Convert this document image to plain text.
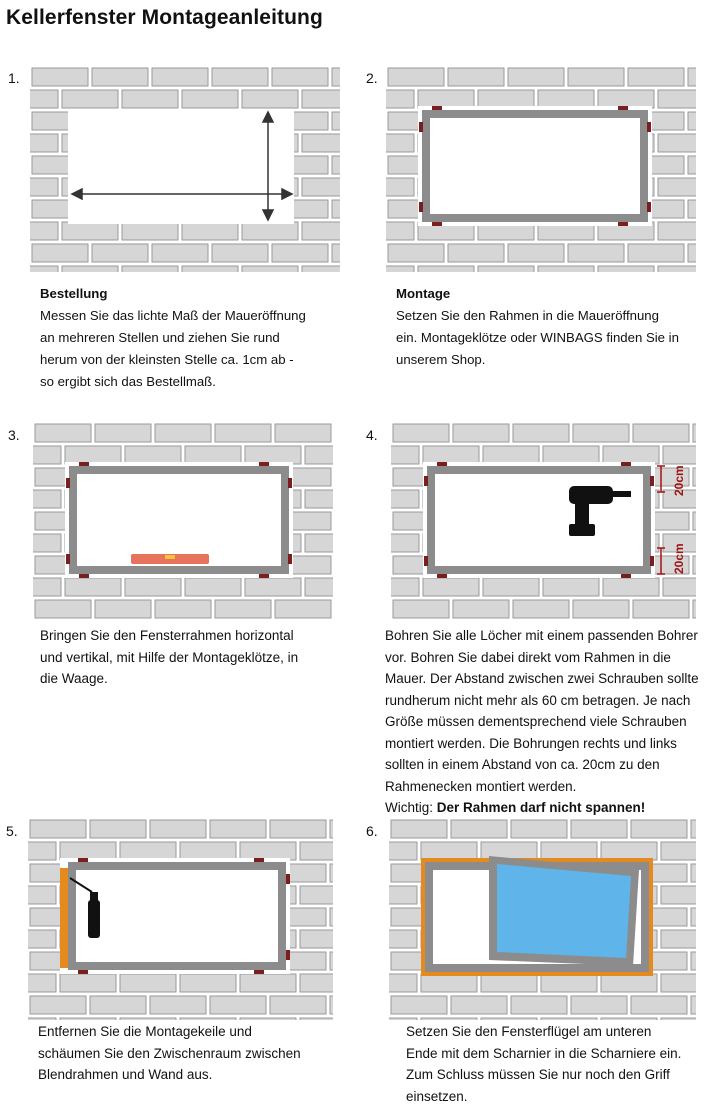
Kellerfenster Montageanleitung
1.	2.
3.	4.
5.	6.
Bestellung
Messen Sie das lichte Maß der Maueröffnung
an mehreren Stellen und ziehen Sie rund
herum von der kleinsten Stelle ca. 1cm ab -
so ergibt sich das Bestellmaß.
Montage
Setzen Sie den Rahmen in die Maueröffnung
ein. Montageklötze oder WINBAGS finden Sie in
unserem Shop.
20cm
20cm
Bringen Sie den Fensterrahmen horizontal
und vertikal, mit Hilfe der Montageklötze, in
die Waage.
Bohren Sie alle Löcher mit einem passenden Bohrer
vor. Bohren Sie dabei direkt vom Rahmen in die
Mauer. Der Abstand zwischen zwei Schrauben sollte
rundherum nicht mehr als 60 cm betragen. Je nach
Größe müssen dementsprechend viele Schrauben
montiert werden. Die Bohrungen rechts und links
sollten in einem Abstand von ca. 20cm zu den
Rahmenecken montiert werden.
Wichtig: Der Rahmen darf nicht spannen!
Entfernen Sie die Montagekeile und
schäumen Sie den Zwischenraum zwischen
Blendrahmen und Wand aus.
Setzen Sie den Fensterflügel am unteren
Ende mit dem Scharnier in die Scharniere ein.
Zum Schluss müssen Sie nur noch den Griff
einsetzen.
